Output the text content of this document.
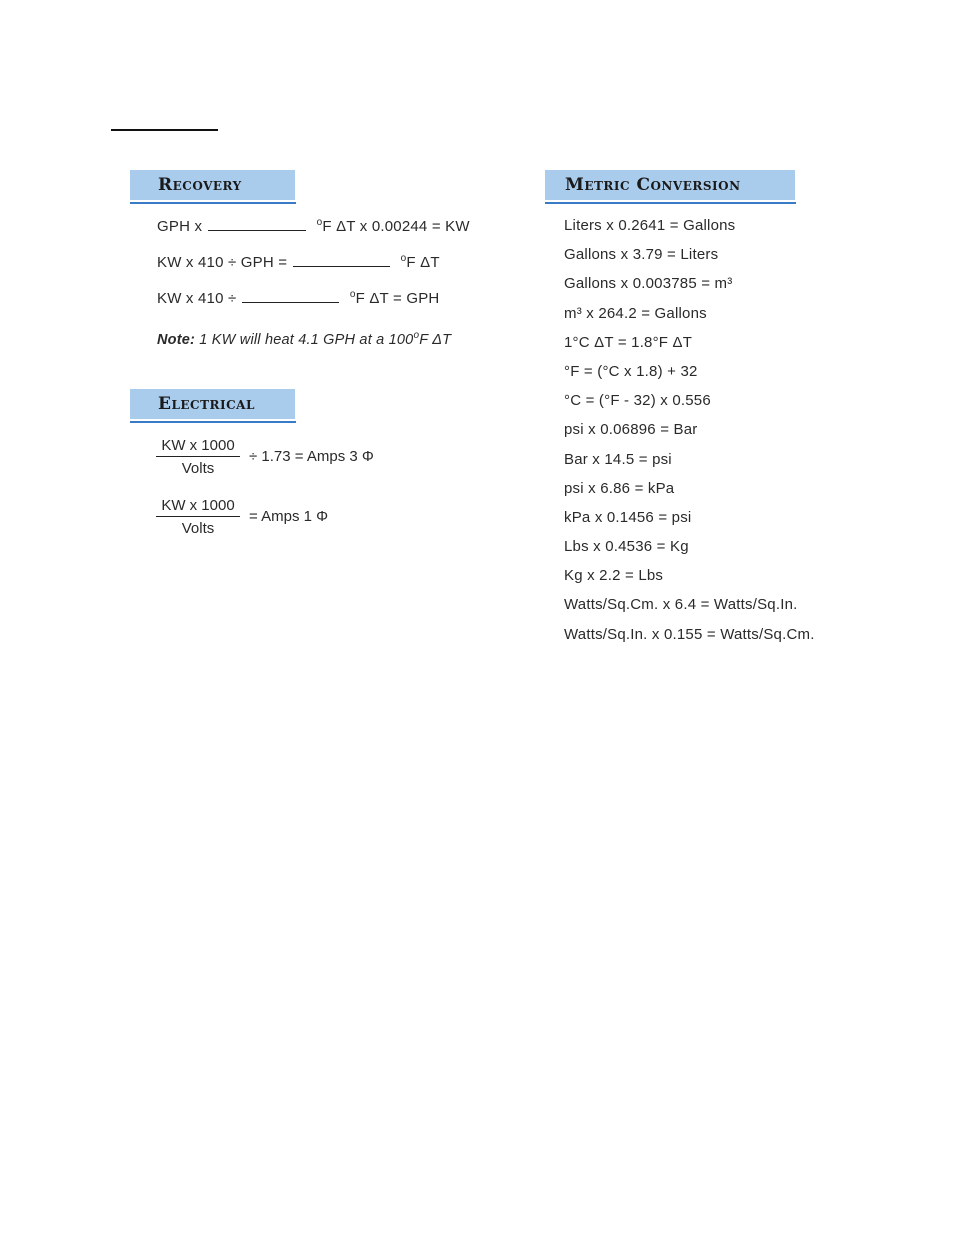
Recovery
GPH x	$^o$F ΔT x 0.00244 = KW
KW x 410 ÷ GPH =	$^o$F ΔT
KW x 410 ÷	$^o$F ΔT = GPH
Note: 1 KW will heat 4.1 GPH at a 100$^o$F ΔT
Electrical
KW x 1000
Volts
÷ 1.73 = Amps 3 Φ
KW x 1000
Volts
= Amps 1 Φ
Metric Conversion
Liters x 0.2641 = Gallons
Gallons x 3.79 = Liters
Gallons x 0.003785 = m³
m³ x 264.2 = Gallons
1°C ΔT = 1.8°F ΔT
°F = (°C x 1.8) + 32
°C = (°F - 32) x 0.556
psi x 0.06896 = Bar
Bar x 14.5 = psi
psi x 6.86 = kPa
kPa x 0.1456 = psi
Lbs x 0.4536 = Kg
Kg x 2.2 = Lbs
Watts/Sq.Cm. x 6.4 = Watts/Sq.In.
Watts/Sq.In. x 0.155 = Watts/Sq.Cm.
